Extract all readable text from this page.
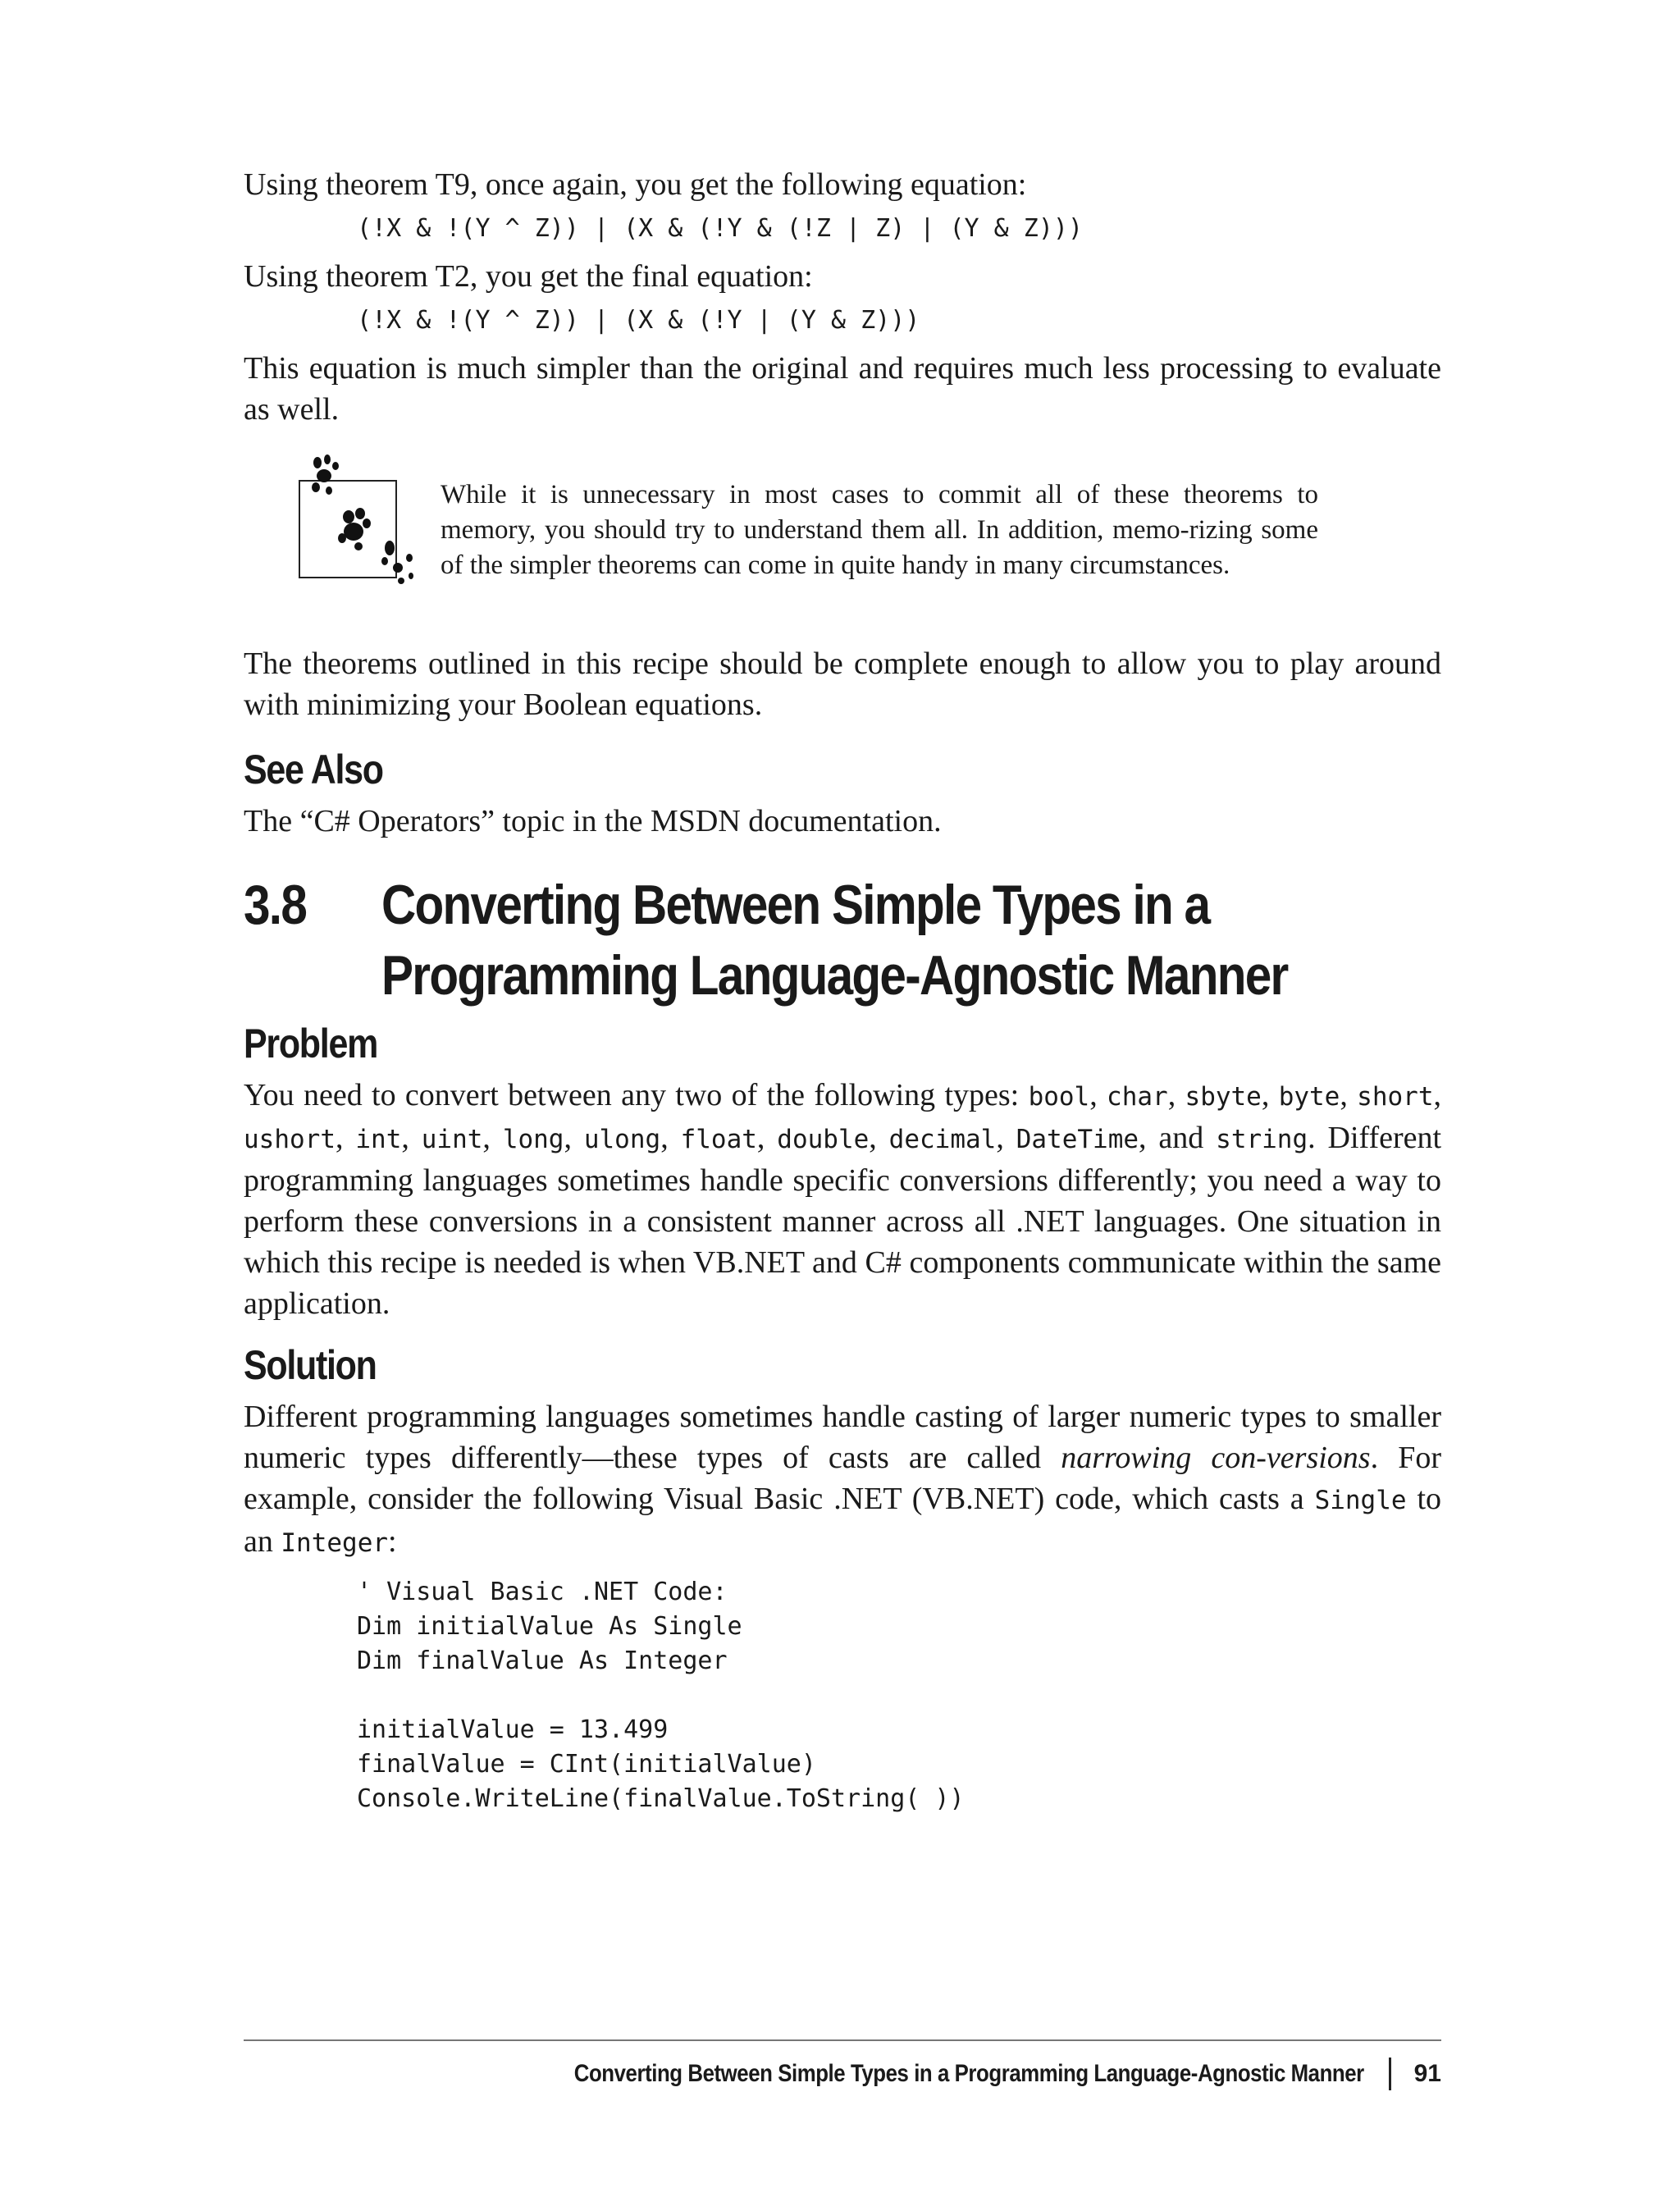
Using theorem T9, once again, you get the following equation:

(!X & !(Y ^ Z)) | (X & (!Y & (!Z | Z) | (Y & Z)))

Using theorem T2, you get the final equation:

(!X & !(Y ^ Z)) | (X & (!Y | (Y & Z)))

This equation is much simpler than the original and requires much less processing to evaluate as well.

While it is unnecessary in most cases to commit all of these theorems to memory, you should try to understand them all. In addition, memo-rizing some of the simpler theorems can come in quite handy in many circumstances.

The theorems outlined in this recipe should be complete enough to allow you to play around with minimizing your Boolean equations.

See Also

The “C# Operators” topic in the MSDN documentation.

3.8	Converting Between Simple Types in a
Programming Language-Agnostic Manner
Problem

You need to convert between any two of the following types: bool, char, sbyte, byte, short, ushort, int, uint, long, ulong, float, double, decimal, DateTime, and string. Different programming languages sometimes handle specific conversions differently; you need a way to perform these conversions in a consistent manner across all .NET languages. One situation in which this recipe is needed is when VB.NET and C# components communicate within the same application.

Solution

Different programming languages sometimes handle casting of larger numeric types to smaller numeric types differently—these types of casts are called narrowing con-versions. For example, consider the following Visual Basic .NET (VB.NET) code, which casts a Single to an Integer:

' Visual Basic .NET Code:
Dim initialValue As Single
Dim finalValue As Integer
initialValue = 13.499
finalValue = CInt(initialValue)
Console.WriteLine(finalValue.ToString( ))
Converting Between Simple Types in a Programming Language-Agnostic Manner 91
